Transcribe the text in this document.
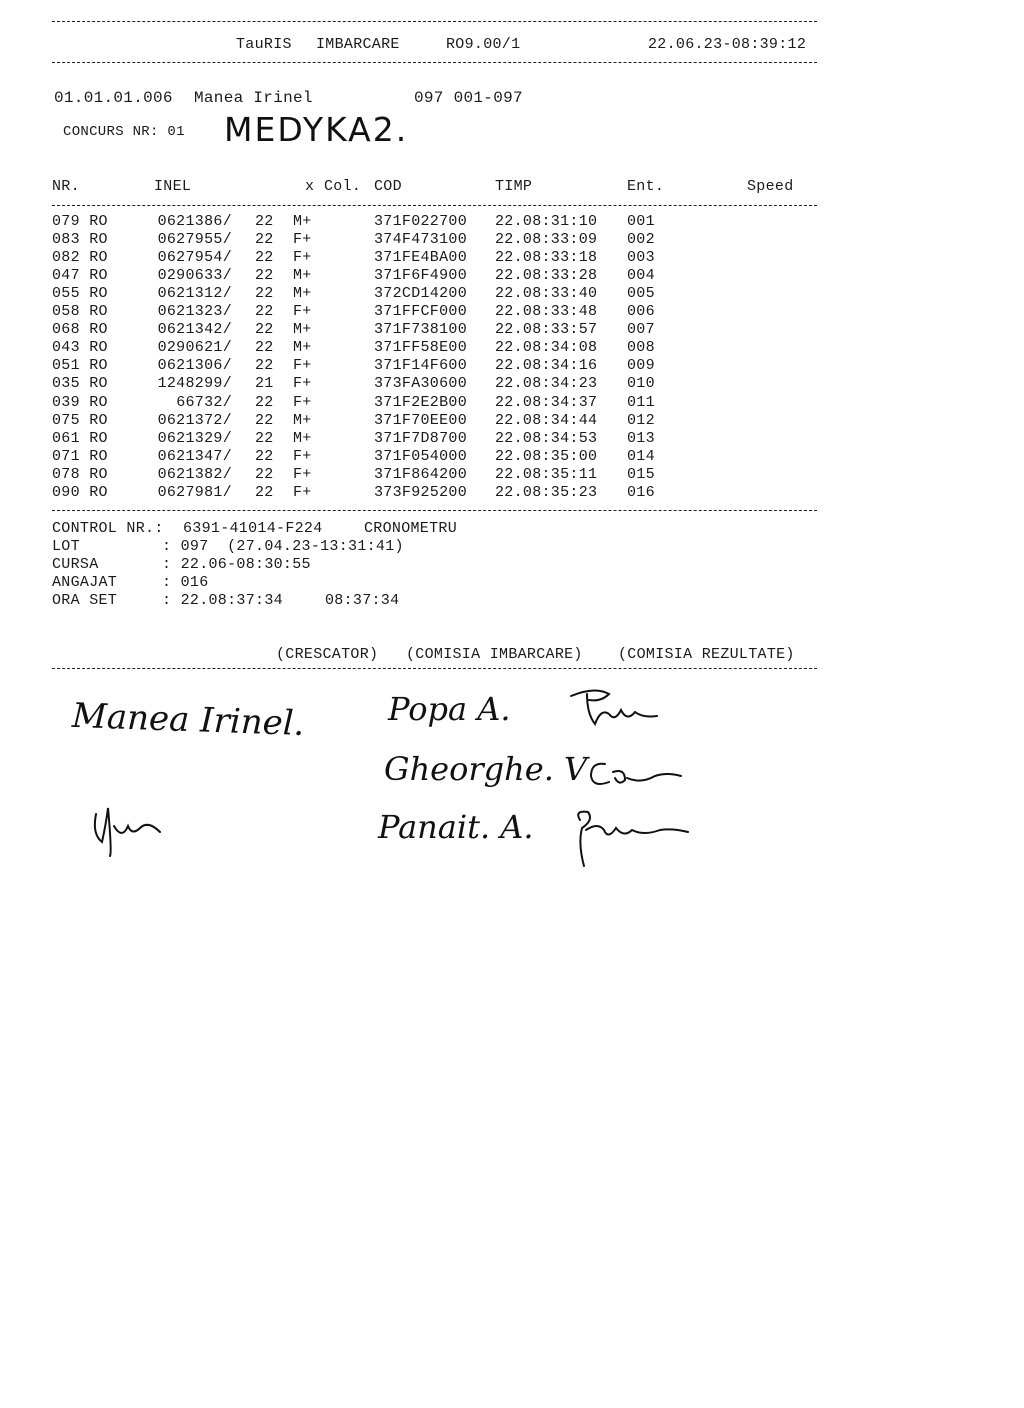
TauRIS IMBARCARE	RO9.00/1	22.06.23-08:39:12
01.01.01.006 Manea Irinel	097 001-097
CONCURS NR: 01 MEDYKA2.
NR.	INEL	x Col. COD	TIMP	Ent.	Speed
079 RO	0621386/ 22 M+	371F022700 22.08:31:10 001
083 RO	0627955/ 22 F+	374F473100 22.08:33:09 002
082 RO	0627954/ 22 F+	371FE4BA00 22.08:33:18 003
047 RO	0290633/ 22 M+	371F6F4900 22.08:33:28 004
055 RO	0621312/ 22 M+	372CD14200 22.08:33:40 005
058 RO	0621323/ 22 F+	371FFCF000 22.08:33:48 006
068 RO	0621342/ 22 M+	371F738100 22.08:33:57 007
043 RO	0290621/ 22 M+	371FF58E00 22.08:34:08 008
051 RO	0621306/ 22 F+	371F14F600 22.08:34:16 009
035 RO	1248299/ 21 F+	373FA30600 22.08:34:23 010
039 RO	66732/ 22 F+	371F2E2B00 22.08:34:37 011
075 RO	0621372/ 22 M+	371F70EE00 22.08:34:44 012
061 RO	0621329/ 22 M+	371F7D8700 22.08:34:53 013
071 RO	0621347/ 22 F+	371F054000 22.08:35:00 014
078 RO	0621382/ 22 F+	371F864200 22.08:35:11 015
090 RO	0627981/ 22 F+	373F925200 22.08:35:23 016
CONTROL NR.: 6391-41014-F224	CRONOMETRU
LOT	: 097  (27.04.23-13:31:41)
CURSA	: 22.06-08:30:55
ANGAJAT	: 016
ORA SET	: 22.08:37:34	08:37:34
(CRESCATOR) (COMISIA IMBARCARE) (COMISIA REZULTATE)
Manea Irinel.	Popa A.
Gheorghe. V
Panait. A.
